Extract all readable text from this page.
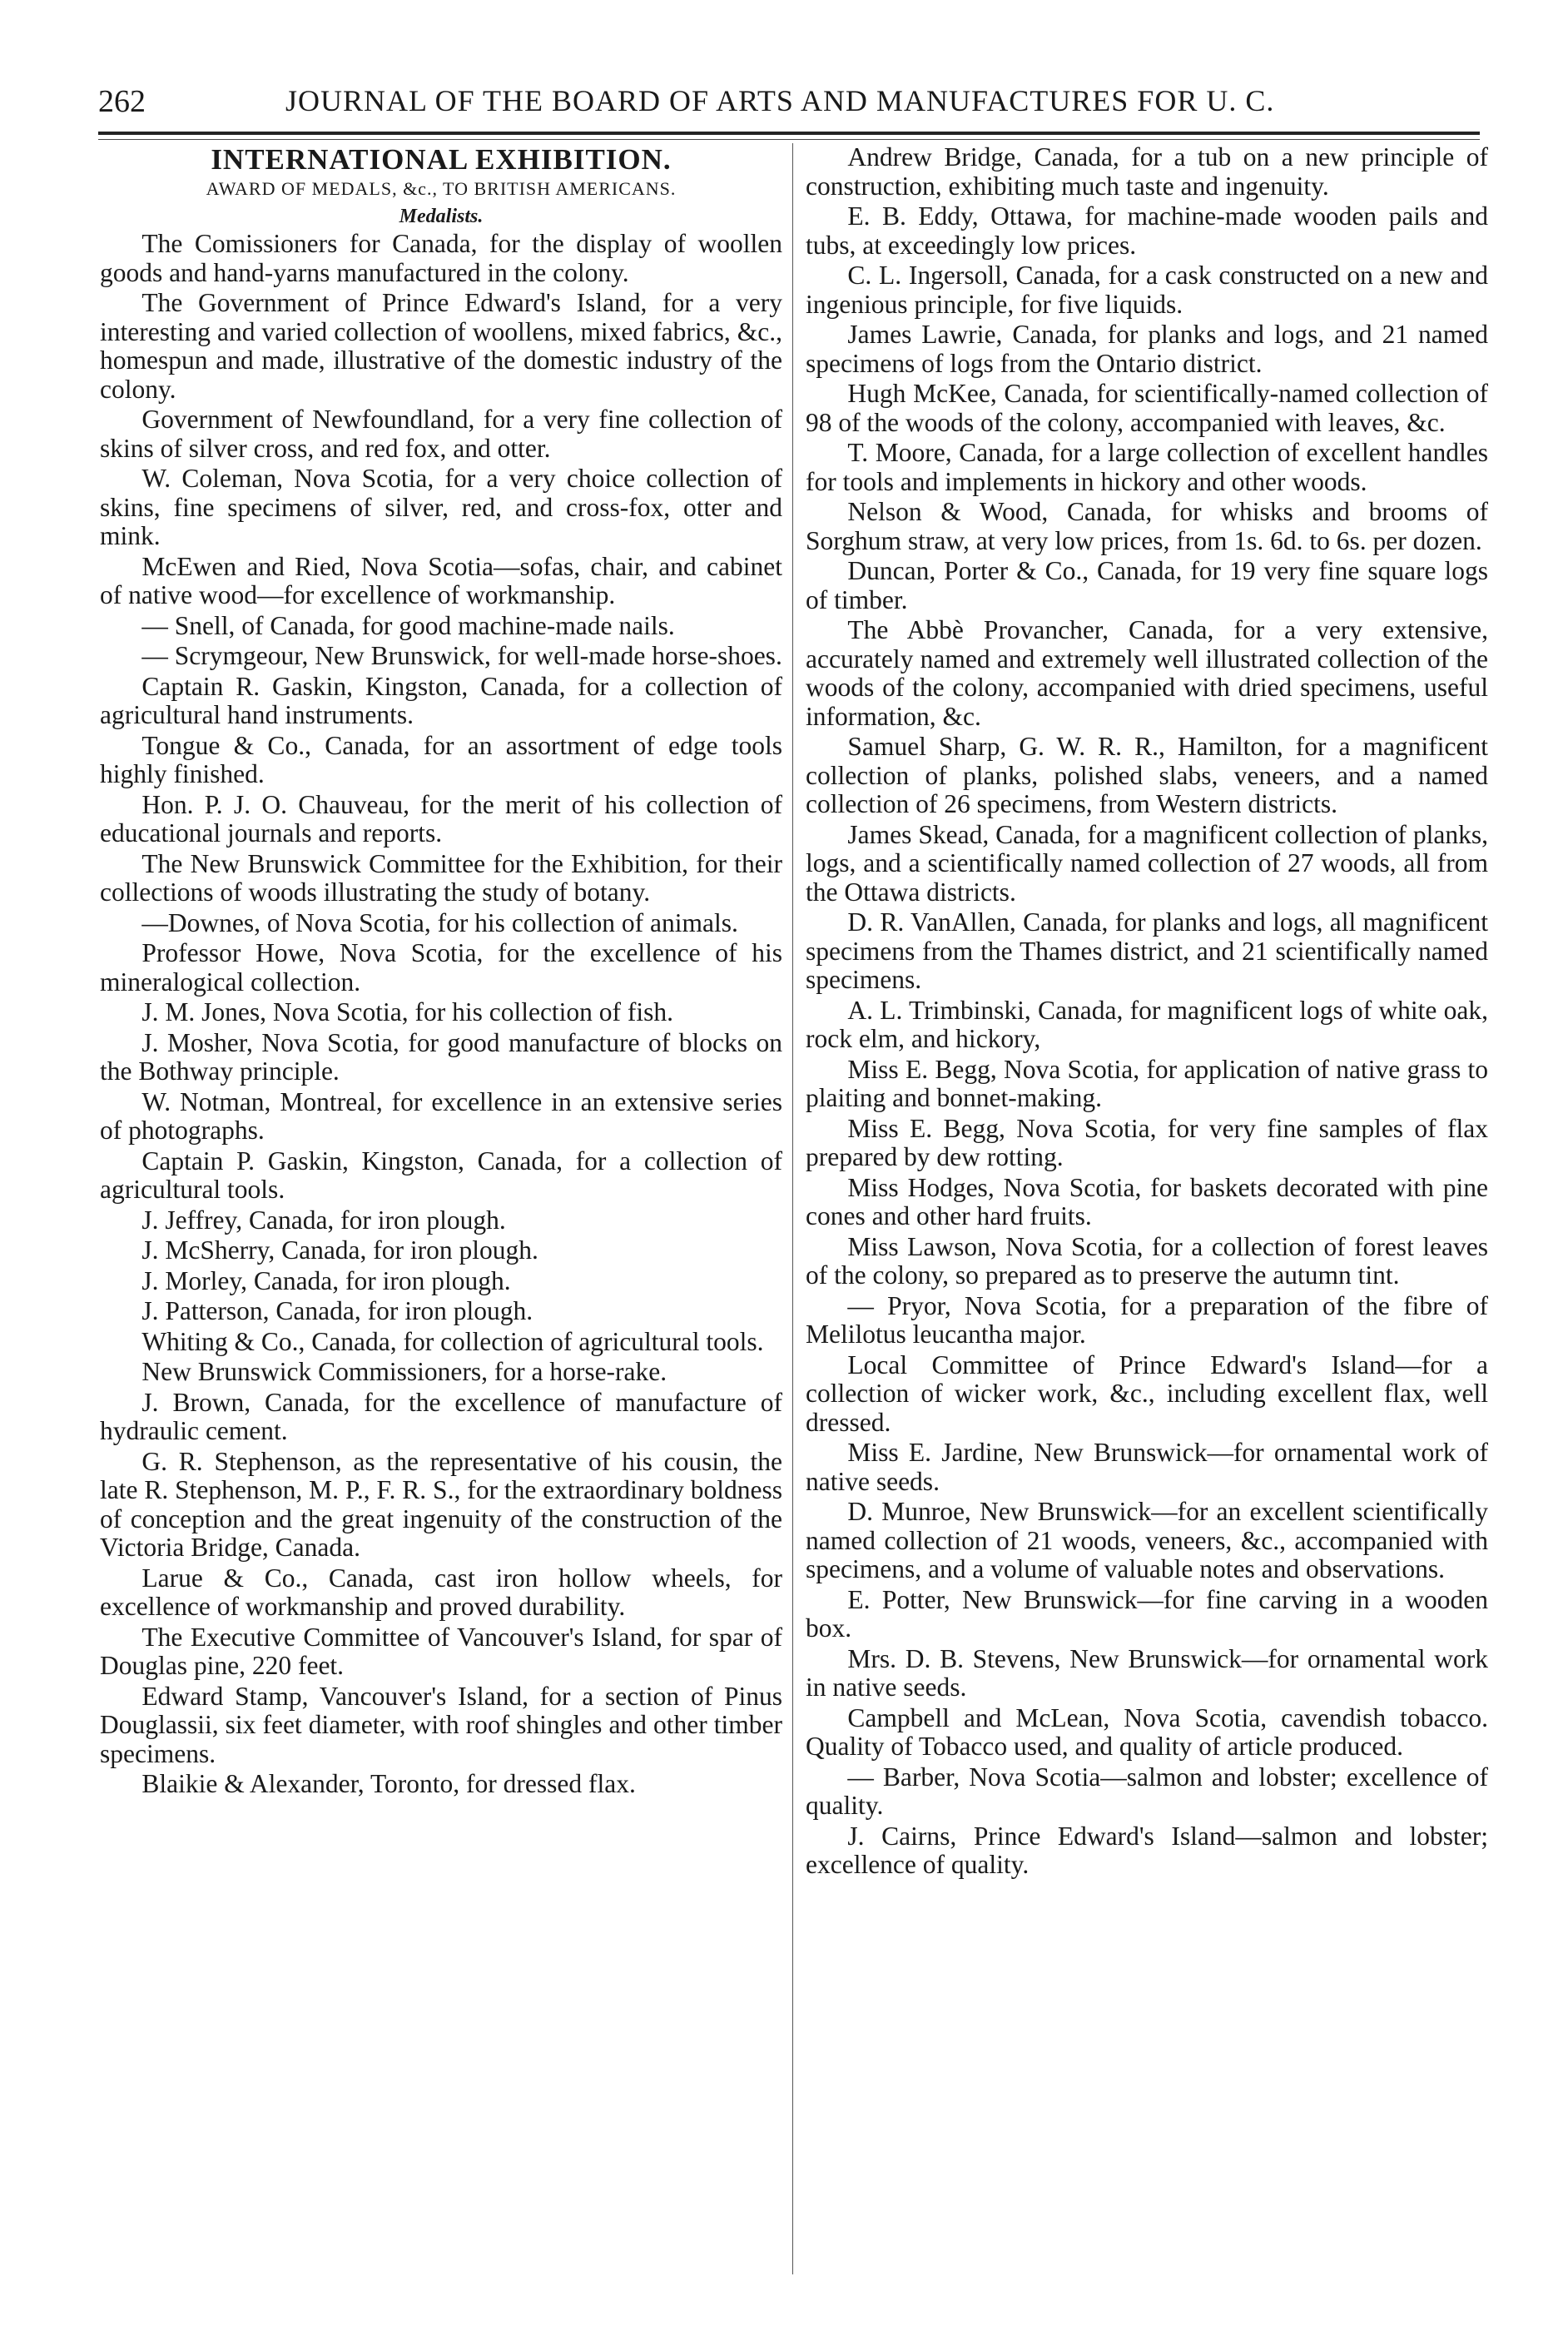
262	JOURNAL OF THE BOARD OF ARTS AND MANUFACTURES FOR U. C.
INTERNATIONAL EXHIBITION.

AWARD OF MEDALS, &c., TO BRITISH AMERICANS.

Medalists.

The Comissioners for Canada, for the display of woollen goods and hand-yarns manufactured in the colony.

The Government of Prince Edward's Island, for a very interesting and varied collection of woollens, mixed fabrics, &c., homespun and made, illustrative of the domestic industry of the colony.

Government of Newfoundland, for a very fine collection of skins of silver cross, and red fox, and otter.

W. Coleman, Nova Scotia, for a very choice collection of skins, fine specimens of silver, red, and cross-fox, otter and mink.

McEwen and Ried, Nova Scotia—sofas, chair, and cabinet of native wood—for excellence of workmanship.

— Snell, of Canada, for good machine-made nails.

— Scrymgeour, New Brunswick, for well-made horse-shoes.

Captain R. Gaskin, Kingston, Canada, for a collection of agricultural hand instruments.

Tongue & Co., Canada, for an assortment of edge tools highly finished.

Hon. P. J. O. Chauveau, for the merit of his collection of educational journals and reports.

The New Brunswick Committee for the Exhibition, for their collections of woods illustrating the study of botany.

—Downes, of Nova Scotia, for his collection of animals.

Professor Howe, Nova Scotia, for the excellence of his mineralogical collection.

J. M. Jones, Nova Scotia, for his collection of fish.

J. Mosher, Nova Scotia, for good manufacture of blocks on the Bothway principle.

W. Notman, Montreal, for excellence in an extensive series of photographs.

Captain P. Gaskin, Kingston, Canada, for a collection of agricultural tools.

J. Jeffrey, Canada, for iron plough.

J. McSherry, Canada, for iron plough.

J. Morley, Canada, for iron plough.

J. Patterson, Canada, for iron plough.

Whiting & Co., Canada, for collection of agricultural tools.

New Brunswick Commissioners, for a horse-rake.

J. Brown, Canada, for the excellence of manufacture of hydraulic cement.

G. R. Stephenson, as the representative of his cousin, the late R. Stephenson, M. P., F. R. S., for the extraordinary boldness of conception and the great ingenuity of the construction of the Victoria Bridge, Canada.

Larue & Co., Canada, cast iron hollow wheels, for excellence of workmanship and proved durability.

The Executive Committee of Vancouver's Island, for spar of Douglas pine, 220 feet.

Edward Stamp, Vancouver's Island, for a section of Pinus Douglassii, six feet diameter, with roof shingles and other timber specimens.

Blaikie & Alexander, Toronto, for dressed flax.

Andrew Bridge, Canada, for a tub on a new principle of construction, exhibiting much taste and ingenuity.

E. B. Eddy, Ottawa, for machine-made wooden pails and tubs, at exceedingly low prices.

C. L. Ingersoll, Canada, for a cask constructed on a new and ingenious principle, for five liquids.

James Lawrie, Canada, for planks and logs, and 21 named specimens of logs from the Ontario district.

Hugh McKee, Canada, for scientifically-named collection of 98 of the woods of the colony, accompanied with leaves, &c.

T. Moore, Canada, for a large collection of excellent handles for tools and implements in hickory and other woods.

Nelson & Wood, Canada, for whisks and brooms of Sorghum straw, at very low prices, from 1s. 6d. to 6s. per dozen.

Duncan, Porter & Co., Canada, for 19 very fine square logs of timber.

The Abbè Provancher, Canada, for a very extensive, accurately named and extremely well illustrated collection of the woods of the colony, accompanied with dried specimens, useful information, &c.

Samuel Sharp, G. W. R. R., Hamilton, for a magnificent collection of planks, polished slabs, veneers, and a named collection of 26 specimens, from Western districts.

James Skead, Canada, for a magnificent collection of planks, logs, and a scientifically named collection of 27 woods, all from the Ottawa districts.

D. R. VanAllen, Canada, for planks and logs, all magnificent specimens from the Thames district, and 21 scientifically named specimens.

A. L. Trimbinski, Canada, for magnificent logs of white oak, rock elm, and hickory,

Miss E. Begg, Nova Scotia, for application of native grass to plaiting and bonnet-making.

Miss E. Begg, Nova Scotia, for very fine samples of flax prepared by dew rotting.

Miss Hodges, Nova Scotia, for baskets decorated with pine cones and other hard fruits.

Miss Lawson, Nova Scotia, for a collection of forest leaves of the colony, so prepared as to preserve the autumn tint.

— Pryor, Nova Scotia, for a preparation of the fibre of Melilotus leucantha major.

Local Committee of Prince Edward's Island—for a collection of wicker work, &c., including excellent flax, well dressed.

Miss E. Jardine, New Brunswick—for ornamental work of native seeds.

D. Munroe, New Brunswick—for an excellent scientifically named collection of 21 woods, veneers, &c., accompanied with specimens, and a volume of valuable notes and observations.

E. Potter, New Brunswick—for fine carving in a wooden box.

Mrs. D. B. Stevens, New Brunswick—for ornamental work in native seeds.

Campbell and McLean, Nova Scotia, cavendish tobacco. Quality of Tobacco used, and quality of article produced.

— Barber, Nova Scotia—salmon and lobster; excellence of quality.

J. Cairns, Prince Edward's Island—salmon and lobster; excellence of quality.
